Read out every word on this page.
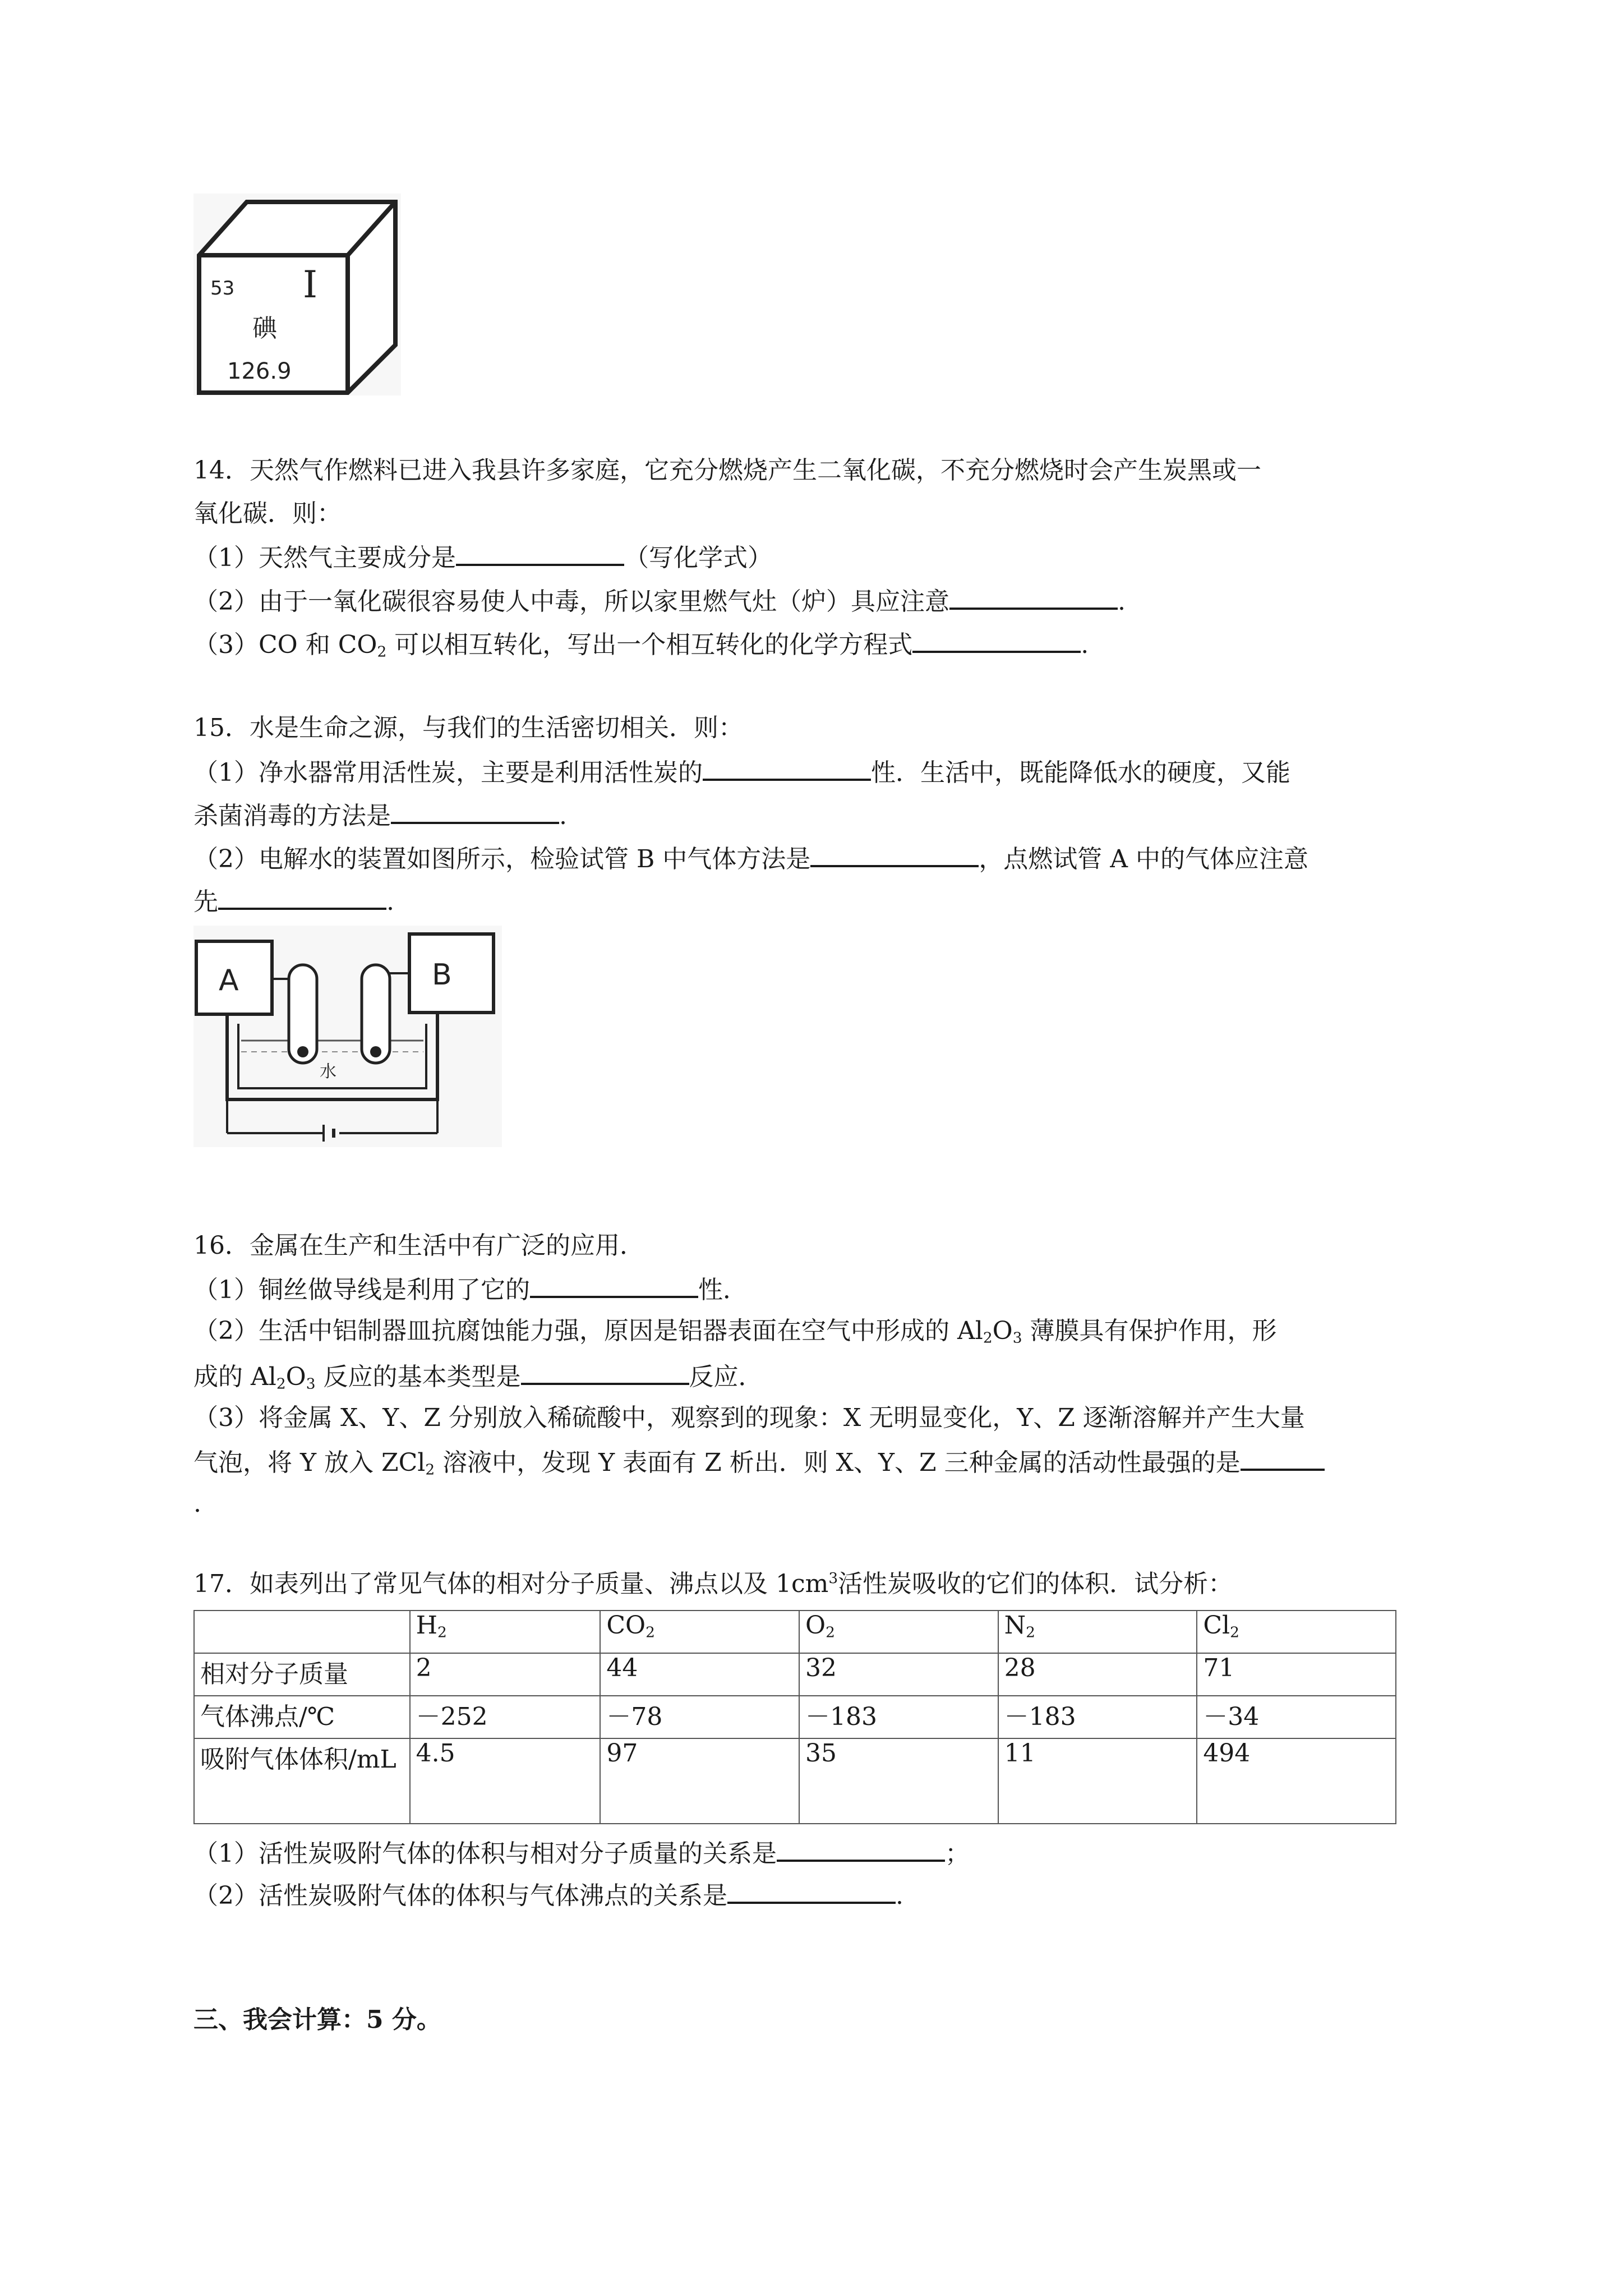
53 I
碘
126.9
14．天然气作燃料已进入我县许多家庭，它充分燃烧产生二氧化碳，不充分燃烧时会产生炭黑或一
氧化碳．则：
（1）天然气主要成分是	（写化学式）
（2）由于一氧化碳很容易使人中毒，所以家里燃气灶（炉）具应注意	.
（3）CO 和 $CO_2$ 可以相互转化，写出一个相互转化的化学方程式	.
15．水是生命之源，与我们的生活密切相关．则：
（1）净水器常用活性炭，主要是利用活性炭的	性．生活中，既能降低水的硬度，又能
杀菌消毒的方法是	.
（2）电解水的装置如图所示，检验试管 B 中气体方法是	，点燃试管 A 中的气体应注意
先	.
A	B
水
16．金属在生产和生活中有广泛的应用．
（1）铜丝做导线是利用了它的	性．
（2）生活中铝制器皿抗腐蚀能力强，原因是铝器表面在空气中形成的 $Al_2O_3$ 薄膜具有保护作用，形
成的 $Al_2O_3$ 反应的基本类型是	反应．
（3）将金属 X、Y、Z 分别放入稀硫酸中，观察到的现象：X 无明显变化，Y、Z 逐渐溶解并产生大量
气泡，将 Y 放入 ZCl$_2$ 溶液中，发现 Y 表面有 Z 析出．则 X、Y、Z 三种金属的活动性最强的是
.
17．如表列出了常见气体的相对分子质量、沸点以及 $1cm^3$活性炭吸收的它们的体积．试分析：
	$H_2$	$CO_2$	$O_2$	$N_2$	$Cl_2$
相对分子质量	2	44	32	28	71
气体沸点/℃	－252	－78	－183	－183	－34
吸附气体体积/mL	4.5	97	35	11	494
（1）活性炭吸附气体的体积与相对分子质量的关系是	；
（2）活性炭吸附气体的体积与气体沸点的关系是	.
三、我会计算：5 分。
